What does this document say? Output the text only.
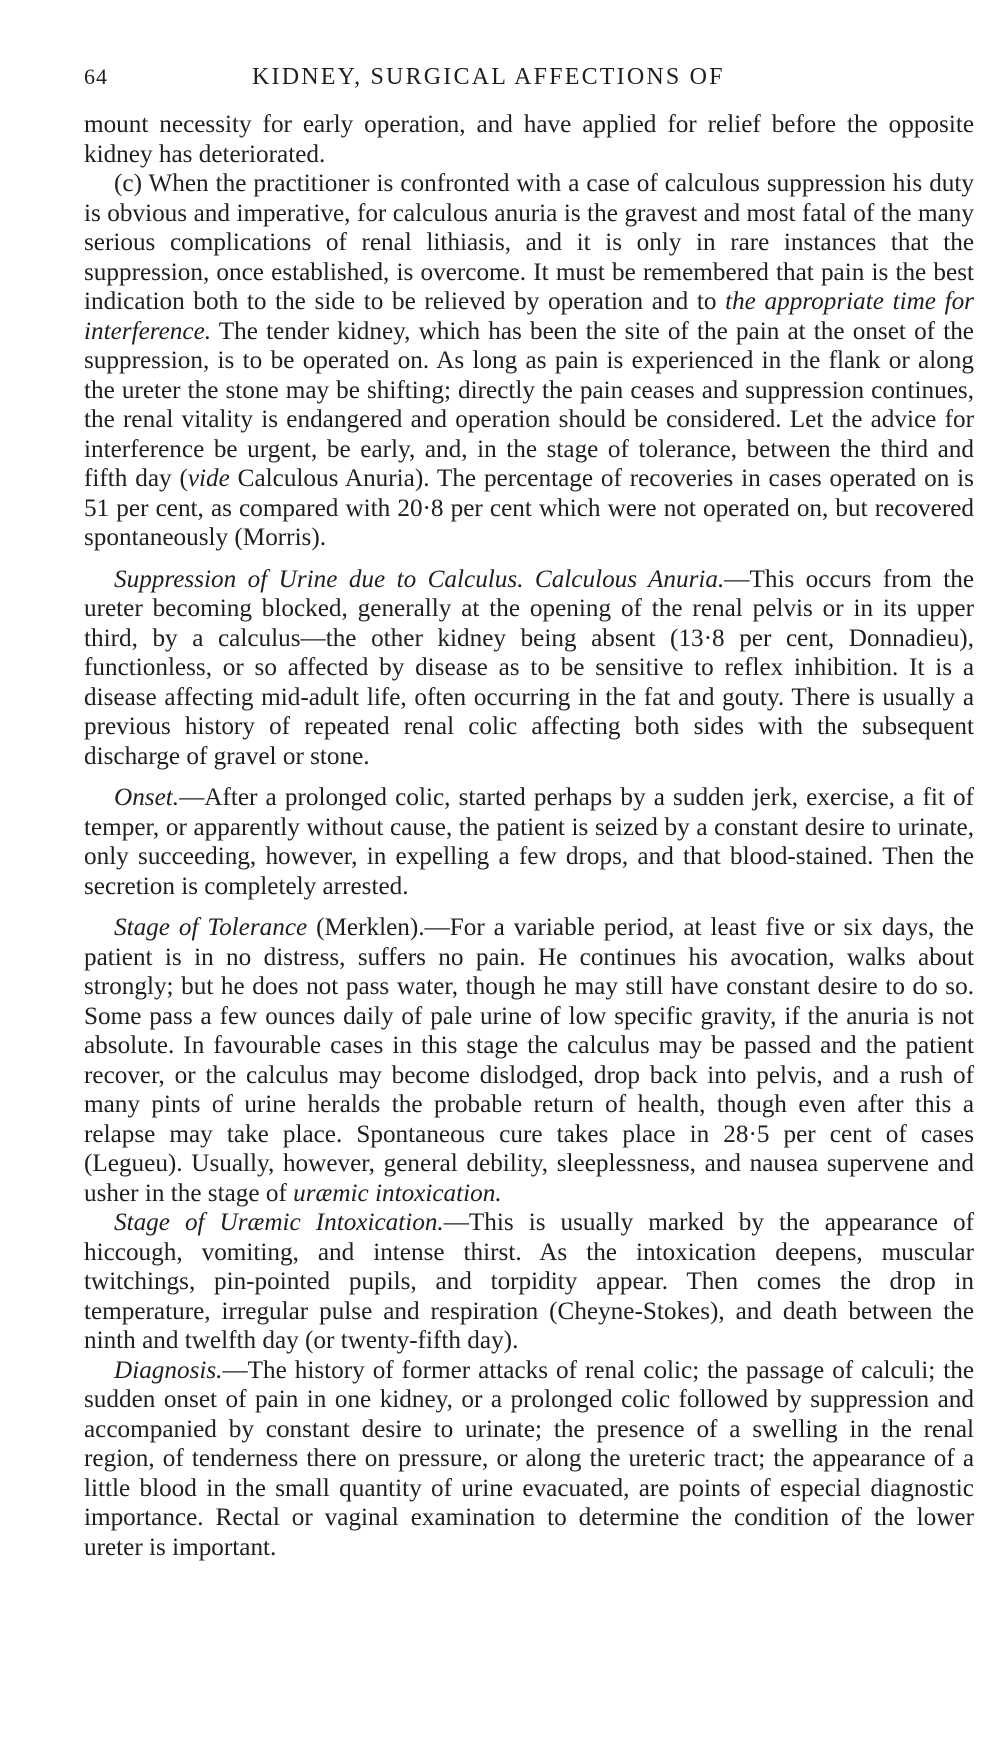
64	KIDNEY, SURGICAL AFFECTIONS OF

mount necessity for early operation, and have applied for relief before the opposite kidney has deteriorated.

(c) When the practitioner is confronted with a case of calculous suppression his duty is obvious and imperative, for calculous anuria is the gravest and most fatal of the many serious complications of renal lithiasis, and it is only in rare instances that the suppression, once established, is overcome. It must be remembered that pain is the best indication both to the side to be relieved by operation and to the appropriate time for interference. The tender kidney, which has been the site of the pain at the onset of the suppression, is to be operated on. As long as pain is experienced in the flank or along the ureter the stone may be shifting; directly the pain ceases and suppression continues, the renal vitality is endangered and operation should be considered. Let the advice for interference be urgent, be early, and, in the stage of tolerance, between the third and fifth day (vide Calculous Anuria). The percentage of recoveries in cases operated on is 51 per cent, as compared with 20·8 per cent which were not operated on, but recovered spontaneously (Morris).

Suppression of Urine due to Calculus. Calculous Anuria.—This occurs from the ureter becoming blocked, generally at the opening of the renal pelvis or in its upper third, by a calculus—the other kidney being absent (13·8 per cent, Donnadieu), functionless, or so affected by disease as to be sensitive to reflex inhibition. It is a disease affecting mid-adult life, often occurring in the fat and gouty. There is usually a previous history of repeated renal colic affecting both sides with the subsequent discharge of gravel or stone.

Onset.—After a prolonged colic, started perhaps by a sudden jerk, exercise, a fit of temper, or apparently without cause, the patient is seized by a constant desire to urinate, only succeeding, however, in expelling a few drops, and that blood-stained. Then the secretion is completely arrested.

Stage of Tolerance (Merklen).—For a variable period, at least five or six days, the patient is in no distress, suffers no pain. He continues his avocation, walks about strongly; but he does not pass water, though he may still have constant desire to do so. Some pass a few ounces daily of pale urine of low specific gravity, if the anuria is not absolute. In favourable cases in this stage the calculus may be passed and the patient recover, or the calculus may become dislodged, drop back into pelvis, and a rush of many pints of urine heralds the probable return of health, though even after this a relapse may take place. Spontaneous cure takes place in 28·5 per cent of cases (Legueu). Usually, however, general debility, sleeplessness, and nausea supervene and usher in the stage of uræmic intoxication.

Stage of Uræmic Intoxication.—This is usually marked by the appearance of hiccough, vomiting, and intense thirst. As the intoxication deepens, muscular twitchings, pin-pointed pupils, and torpidity appear. Then comes the drop in temperature, irregular pulse and respiration (Cheyne-Stokes), and death between the ninth and twelfth day (or twenty-fifth day).

Diagnosis.—The history of former attacks of renal colic; the passage of calculi; the sudden onset of pain in one kidney, or a prolonged colic followed by suppression and accompanied by constant desire to urinate; the presence of a swelling in the renal region, of tenderness there on pressure, or along the ureteric tract; the appearance of a little blood in the small quantity of urine evacuated, are points of especial diagnostic importance. Rectal or vaginal examination to determine the condition of the lower ureter is important.
